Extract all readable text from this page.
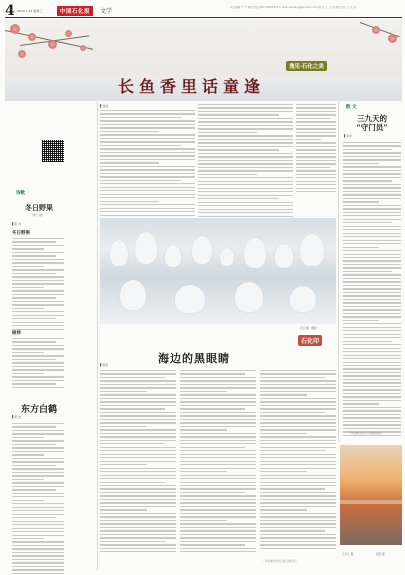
4 2024.1.24 星期三	中国石化报	文学
责任编辑 严 芳 联系电话 010-59963112 E-mail:yanfang@sinopec.com 版 式 王 文 萍 版式设计 王 文 萍
逸见·石化之美
长鱼香里话童逢
▌刘成
诗歌
冬日野果
（外一首）
▌陈 浩
冬日野果
树林
东方白鹤
▌陈 浩
散 文
三九天的
“守门员”
▌刘华
（作者单位系中石化胜利油田）
张书 摄（摄影）
石化印
海边的黑眼睛
▌陈阳
（作者单位系中石化天津石化）
王学红 摄	武阳 摄
